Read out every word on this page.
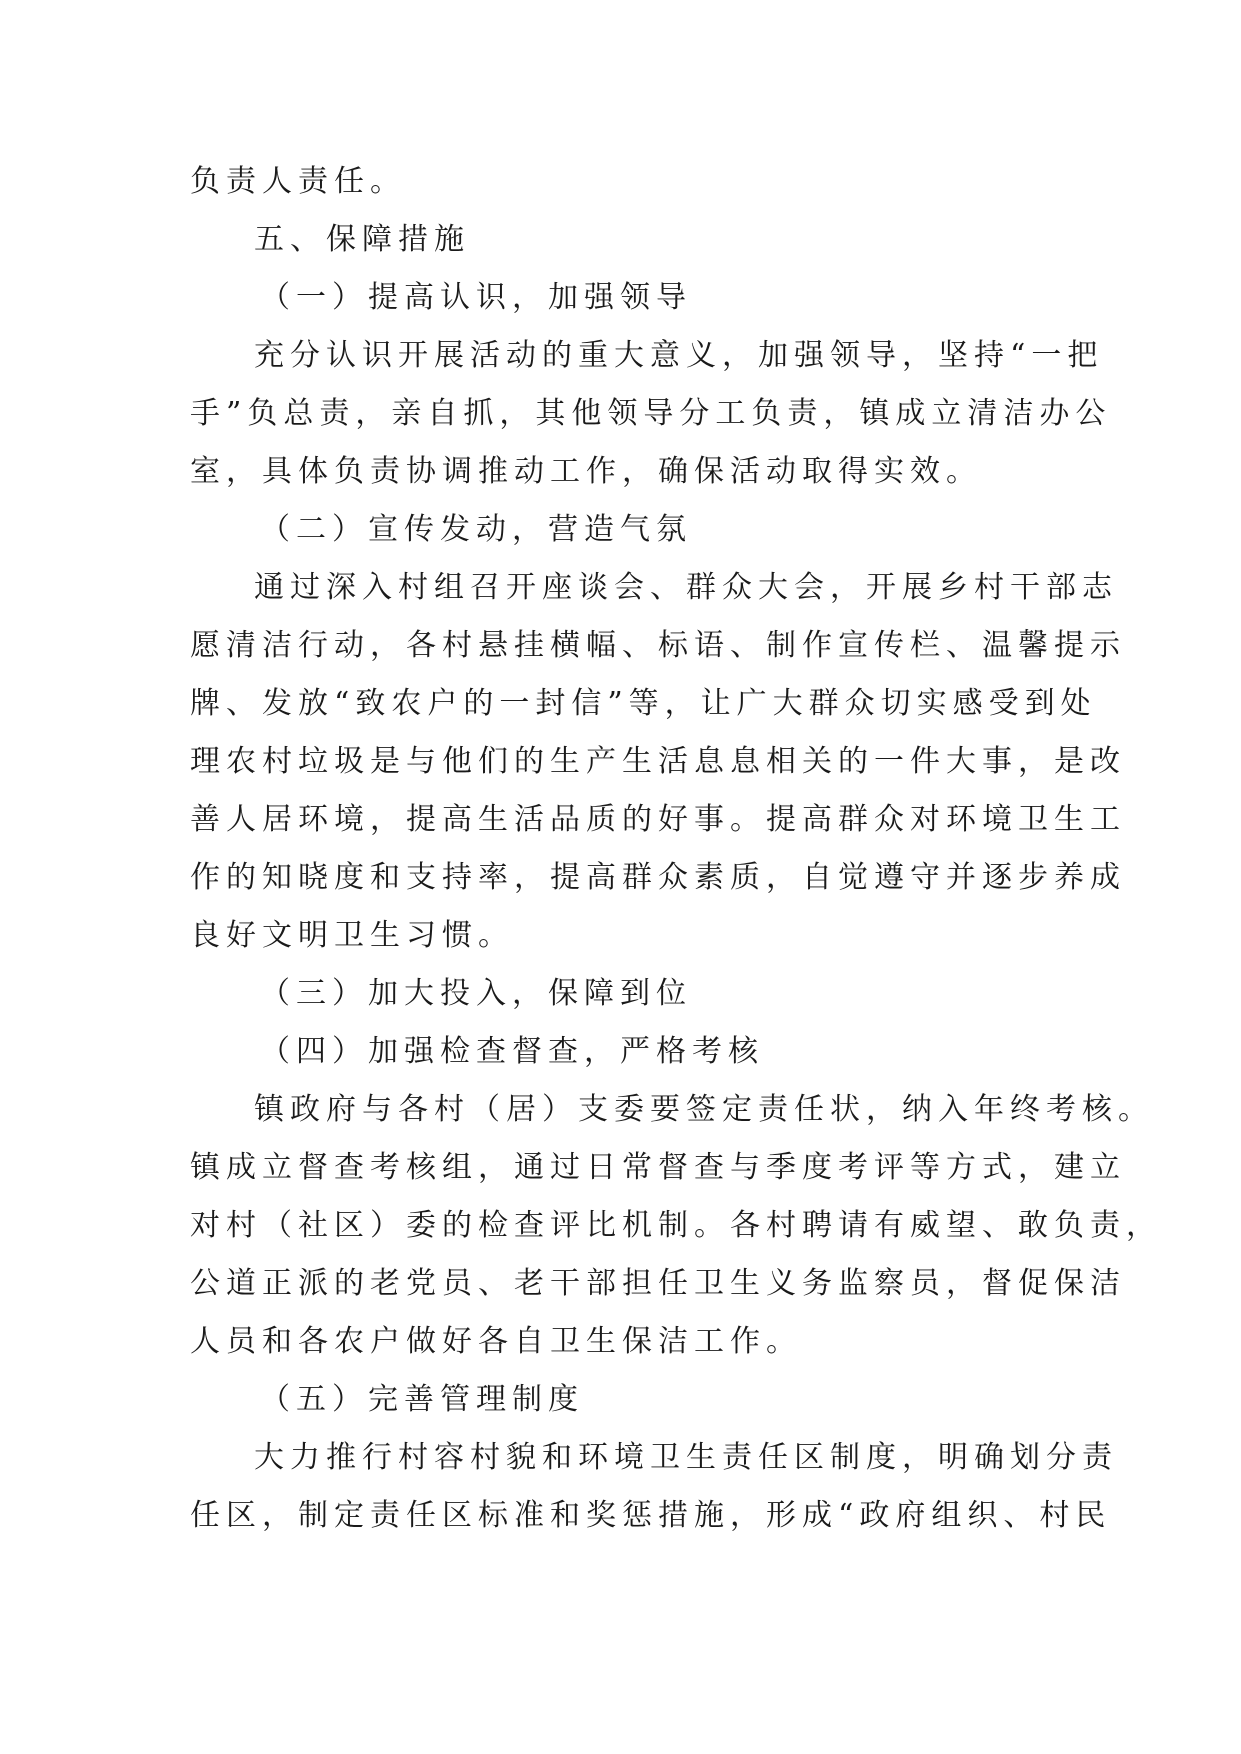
负责人责任。
五、保障措施
（一）提高认识，加强领导
充分认识开展活动的重大意义，加强领导，坚持“一把
手”负总责，亲自抓，其他领导分工负责，镇成立清洁办公
室，具体负责协调推动工作，确保活动取得实效。
（二）宣传发动，营造气氛
通过深入村组召开座谈会、群众大会，开展乡村干部志
愿清洁行动，各村悬挂横幅、标语、制作宣传栏、温馨提示
牌、发放“致农户的一封信”等，让广大群众切实感受到处
理农村垃圾是与他们的生产生活息息相关的一件大事，是改
善人居环境，提高生活品质的好事。提高群众对环境卫生工
作的知晓度和支持率，提高群众素质，自觉遵守并逐步养成
良好文明卫生习惯。
（三）加大投入，保障到位
（四）加强检查督查，严格考核
镇政府与各村（居）支委要签定责任状，纳入年终考核。
镇成立督查考核组，通过日常督查与季度考评等方式，建立
对村（社区）委的检查评比机制。各村聘请有威望、敢负责，
公道正派的老党员、老干部担任卫生义务监察员，督促保洁
人员和各农户做好各自卫生保洁工作。
（五）完善管理制度
大力推行村容村貌和环境卫生责任区制度，明确划分责
任区，制定责任区标准和奖惩措施，形成“政府组织、村民
